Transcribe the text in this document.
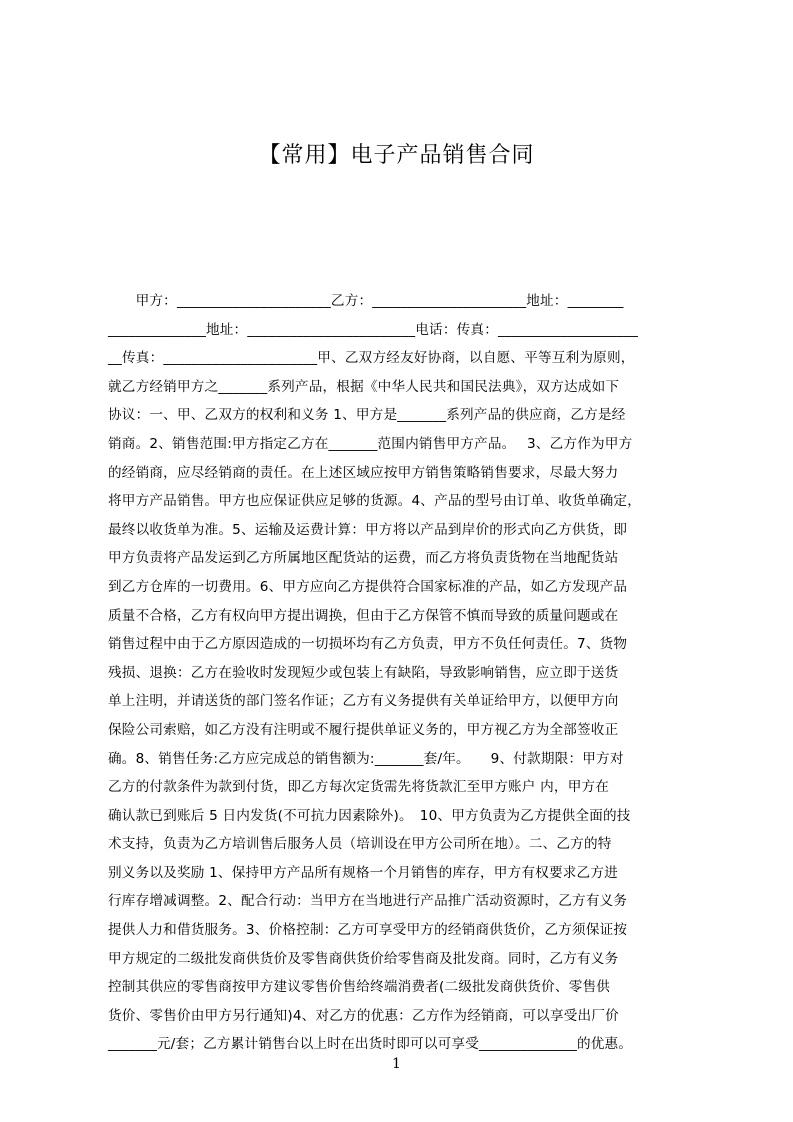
【常用】电子产品销售合同
　　甲方：______________________乙方：______________________地址：________
______________地址：________________________电话：传真：____________________
__传真：______________________甲、乙双方经友好协商，以自愿、平等互利为原则，
就乙方经销甲方之_______系列产品，根据《中华人民共和国民法典》，双方达成如下
协议：一、甲、乙双方的权利和义务 1、甲方是_______系列产品的供应商，乙方是经
销商。2、销售范围:甲方指定乙方在_______范围内销售甲方产品。　 3、乙方作为甲方
的经销商，应尽经销商的责任。在上述区域应按甲方销售策略销售要求，尽最大努力
将甲方产品销售。甲方也应保证供应足够的货源。4、产品的型号由订单、收货单确定，
最终以收货单为准。5、运输及运费计算：甲方将以产品到岸价的形式向乙方供货，即
甲方负责将产品发运到乙方所属地区配货站的运费，而乙方将负责货物在当地配货站
到乙方仓库的一切费用。6、甲方应向乙方提供符合国家标准的产品，如乙方发现产品
质量不合格，乙方有权向甲方提出调换，但由于乙方保管不慎而导致的质量问题或在
销售过程中由于乙方原因造成的一切损坏均有乙方负责，甲方不负任何责任。7、货物
残损、退换：乙方在验收时发现短少或包装上有缺陷，导致影响销售，应立即于送货
单上注明，并请送货的部门签名作证；乙方有义务提供有关单证给甲方，以便甲方向
保险公司索赔，如乙方没有注明或不履行提供单证义务的，甲方视乙方为全部签收正
确。8、销售任务:乙方应完成总的销售额为:_______套/年。　　9、付款期限：甲方对
乙方的付款条件为款到付货，即乙方每次定货需先将货款汇至甲方账户 内，甲方在
确认款已到账后 5 日内发货(不可抗力因素除外)。　10、甲方负责为乙方提供全面的技
术支持，负责为乙方培训售后服务人员（培训设在甲方公司所在地）。二、乙方的特
别义务以及奖励 1、保持甲方产品所有规格一个月销售的库存，甲方有权要求乙方进
行库存增减调整。2、配合行动：当甲方在当地进行产品推广活动资源时，乙方有义务
提供人力和借货服务。3、价格控制：乙方可享受甲方的经销商供货价，乙方须保证按
甲方规定的二级批发商供货价及零售商供货价给零售商及批发商。同时，乙方有义务
控制其供应的零售商按甲方建议零售价售给终端消费者(二级批发商供货价、零售供
货价、零售价由甲方另行通知)4、对乙方的优惠：乙方作为经销商，可以享受出厂价
_______元/套；乙方累计销售台以上时在出货时即可以可享受______________的优惠。
1
